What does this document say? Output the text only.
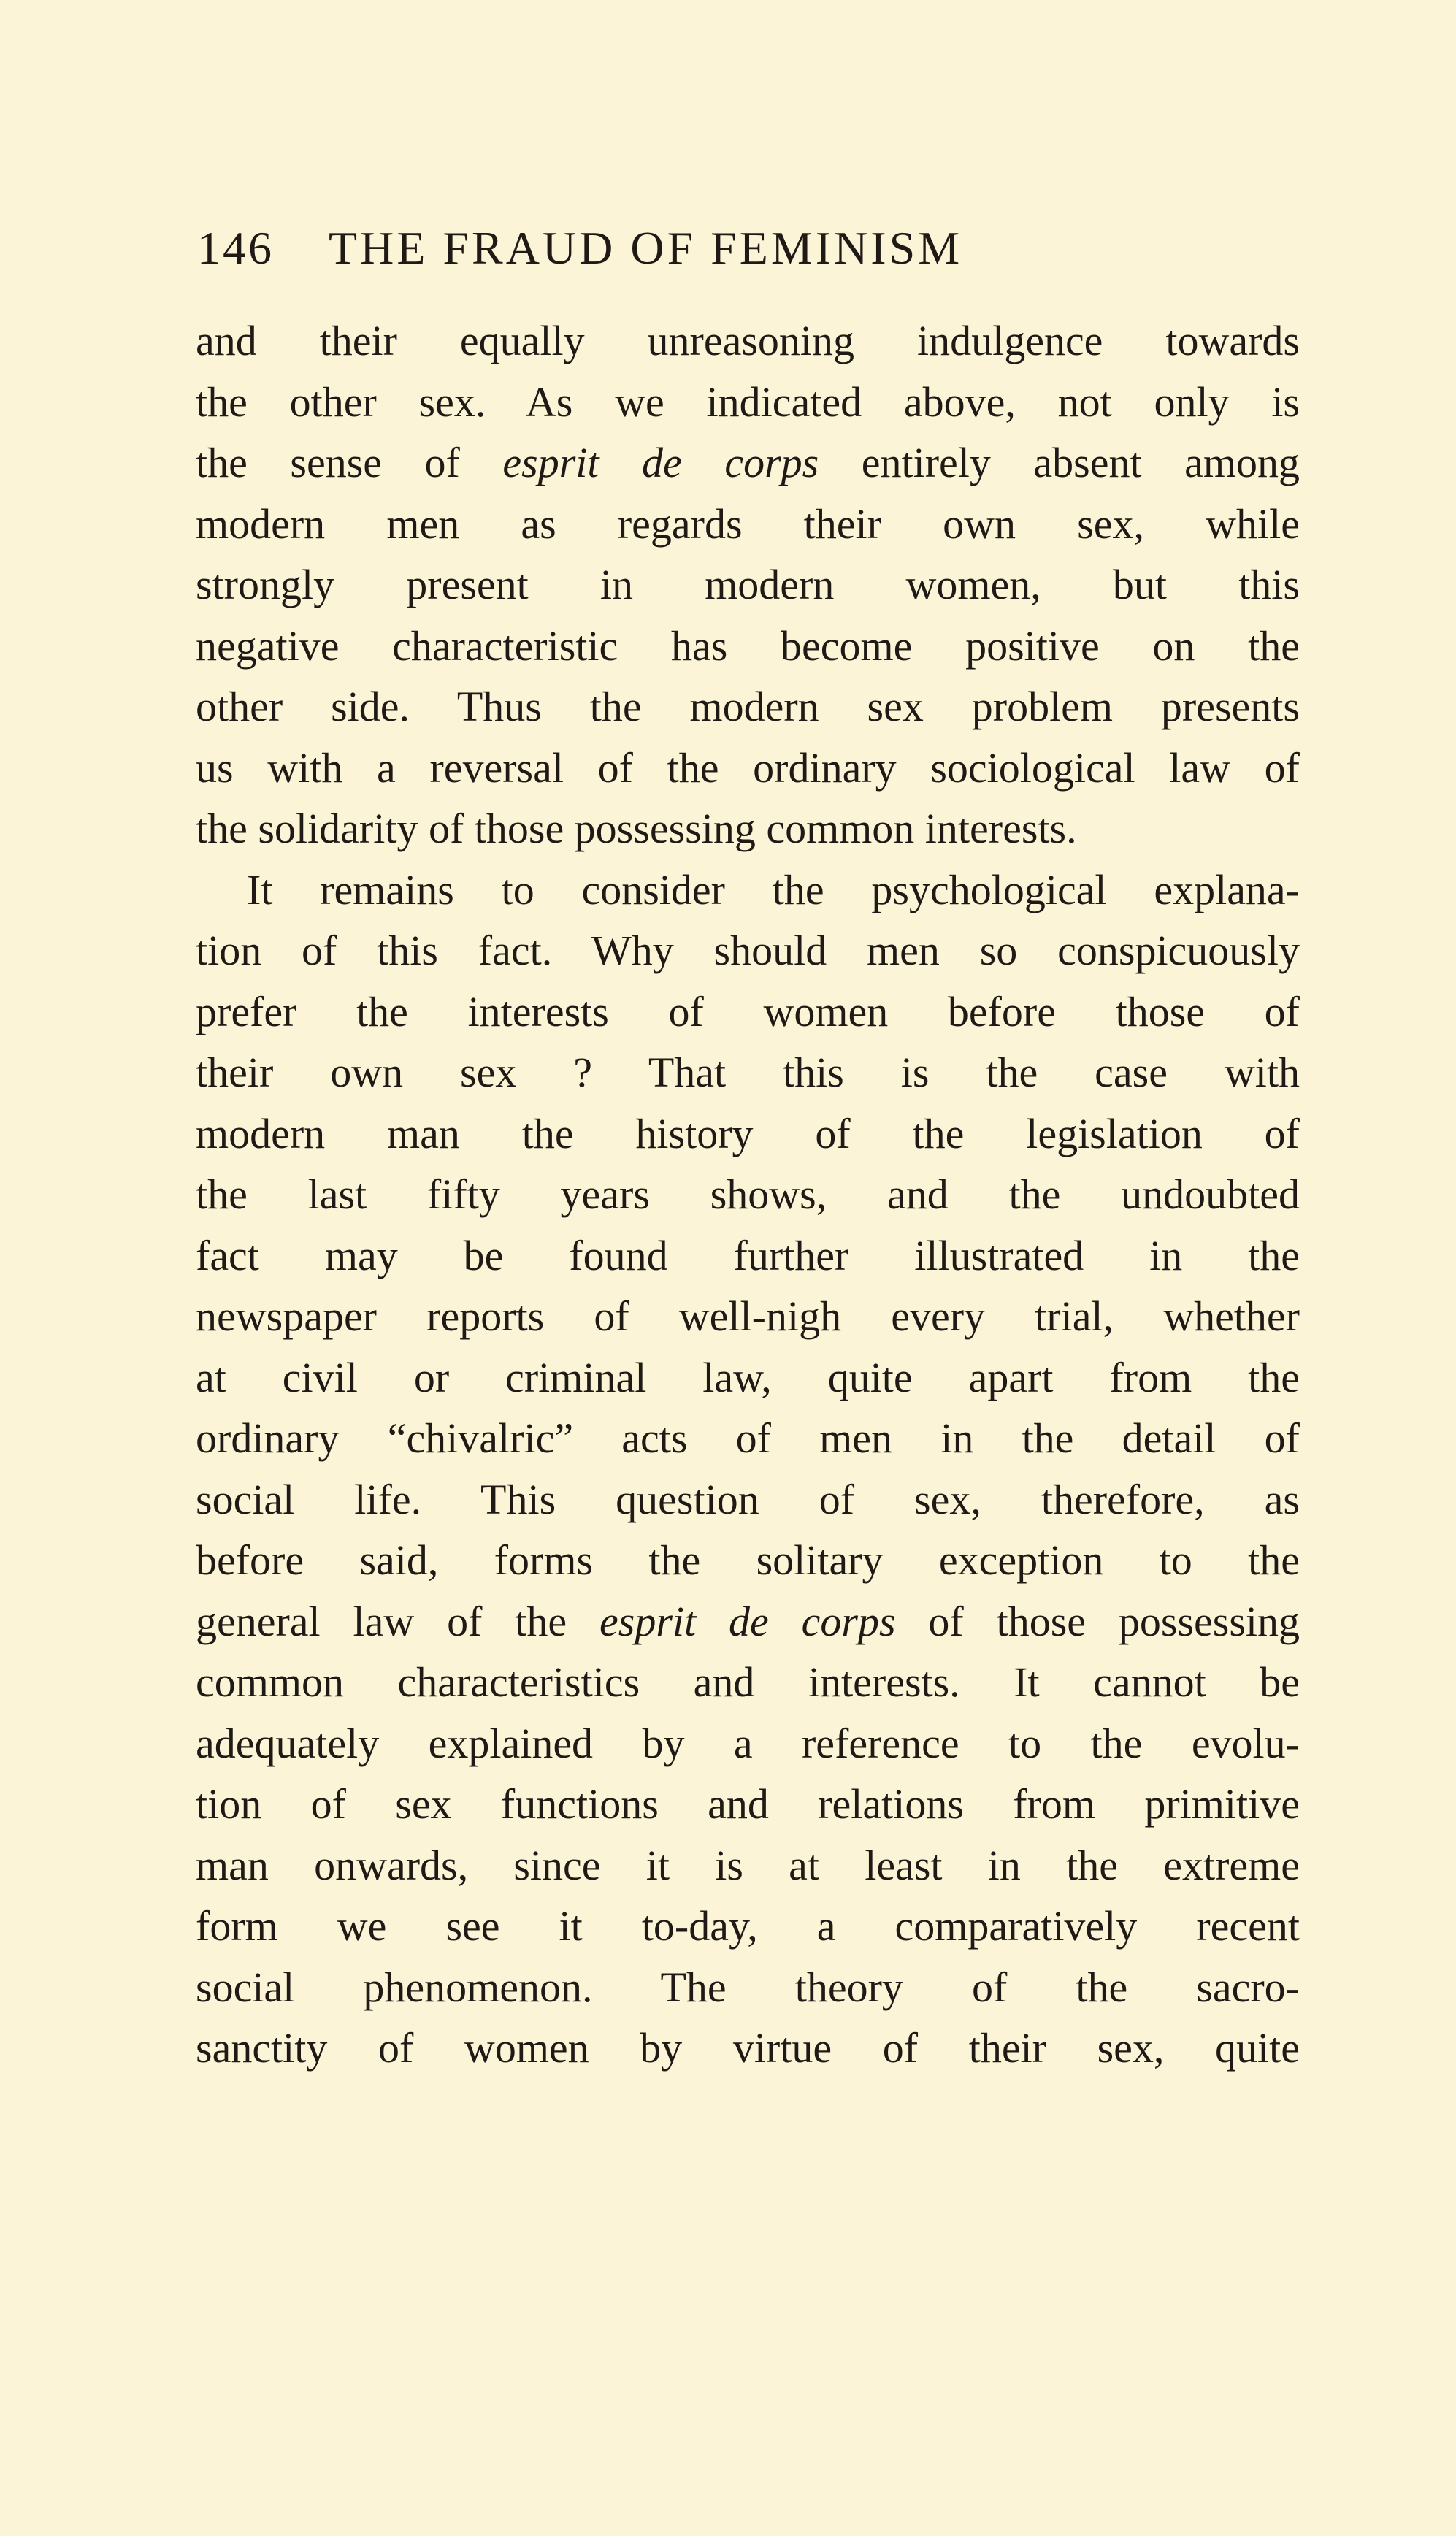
146 THE FRAUD OF FEMINISM
and their equally unreasoning indulgence towards
the other sex. As we indicated above, not only is
the sense of esprit de corps entirely absent among
modern men as regards their own sex, while
strongly present in modern women, but this
negative characteristic has become positive on the
other side. Thus the modern sex problem presents
us with a reversal of the ordinary sociological law of
the solidarity of those possessing common interests.
It remains to consider the psychological explana-
tion of this fact. Why should men so conspicuously
prefer the interests of women before those of
their own sex ? That this is the case with
modern man the history of the legislation of
the last fifty years shows, and the undoubted
fact may be found further illustrated in the
newspaper reports of well-nigh every trial, whether
at civil or criminal law, quite apart from the
ordinary “chivalric” acts of men in the detail of
social life. This question of sex, therefore, as
before said, forms the solitary exception to the
general law of the esprit de corps of those possessing
common characteristics and interests. It cannot be
adequately explained by a reference to the evolu-
tion of sex functions and relations from primitive
man onwards, since it is at least in the extreme
form we see it to-day, a comparatively recent
social phenomenon. The theory of the sacro-
sanctity of women by virtue of their sex, quite
